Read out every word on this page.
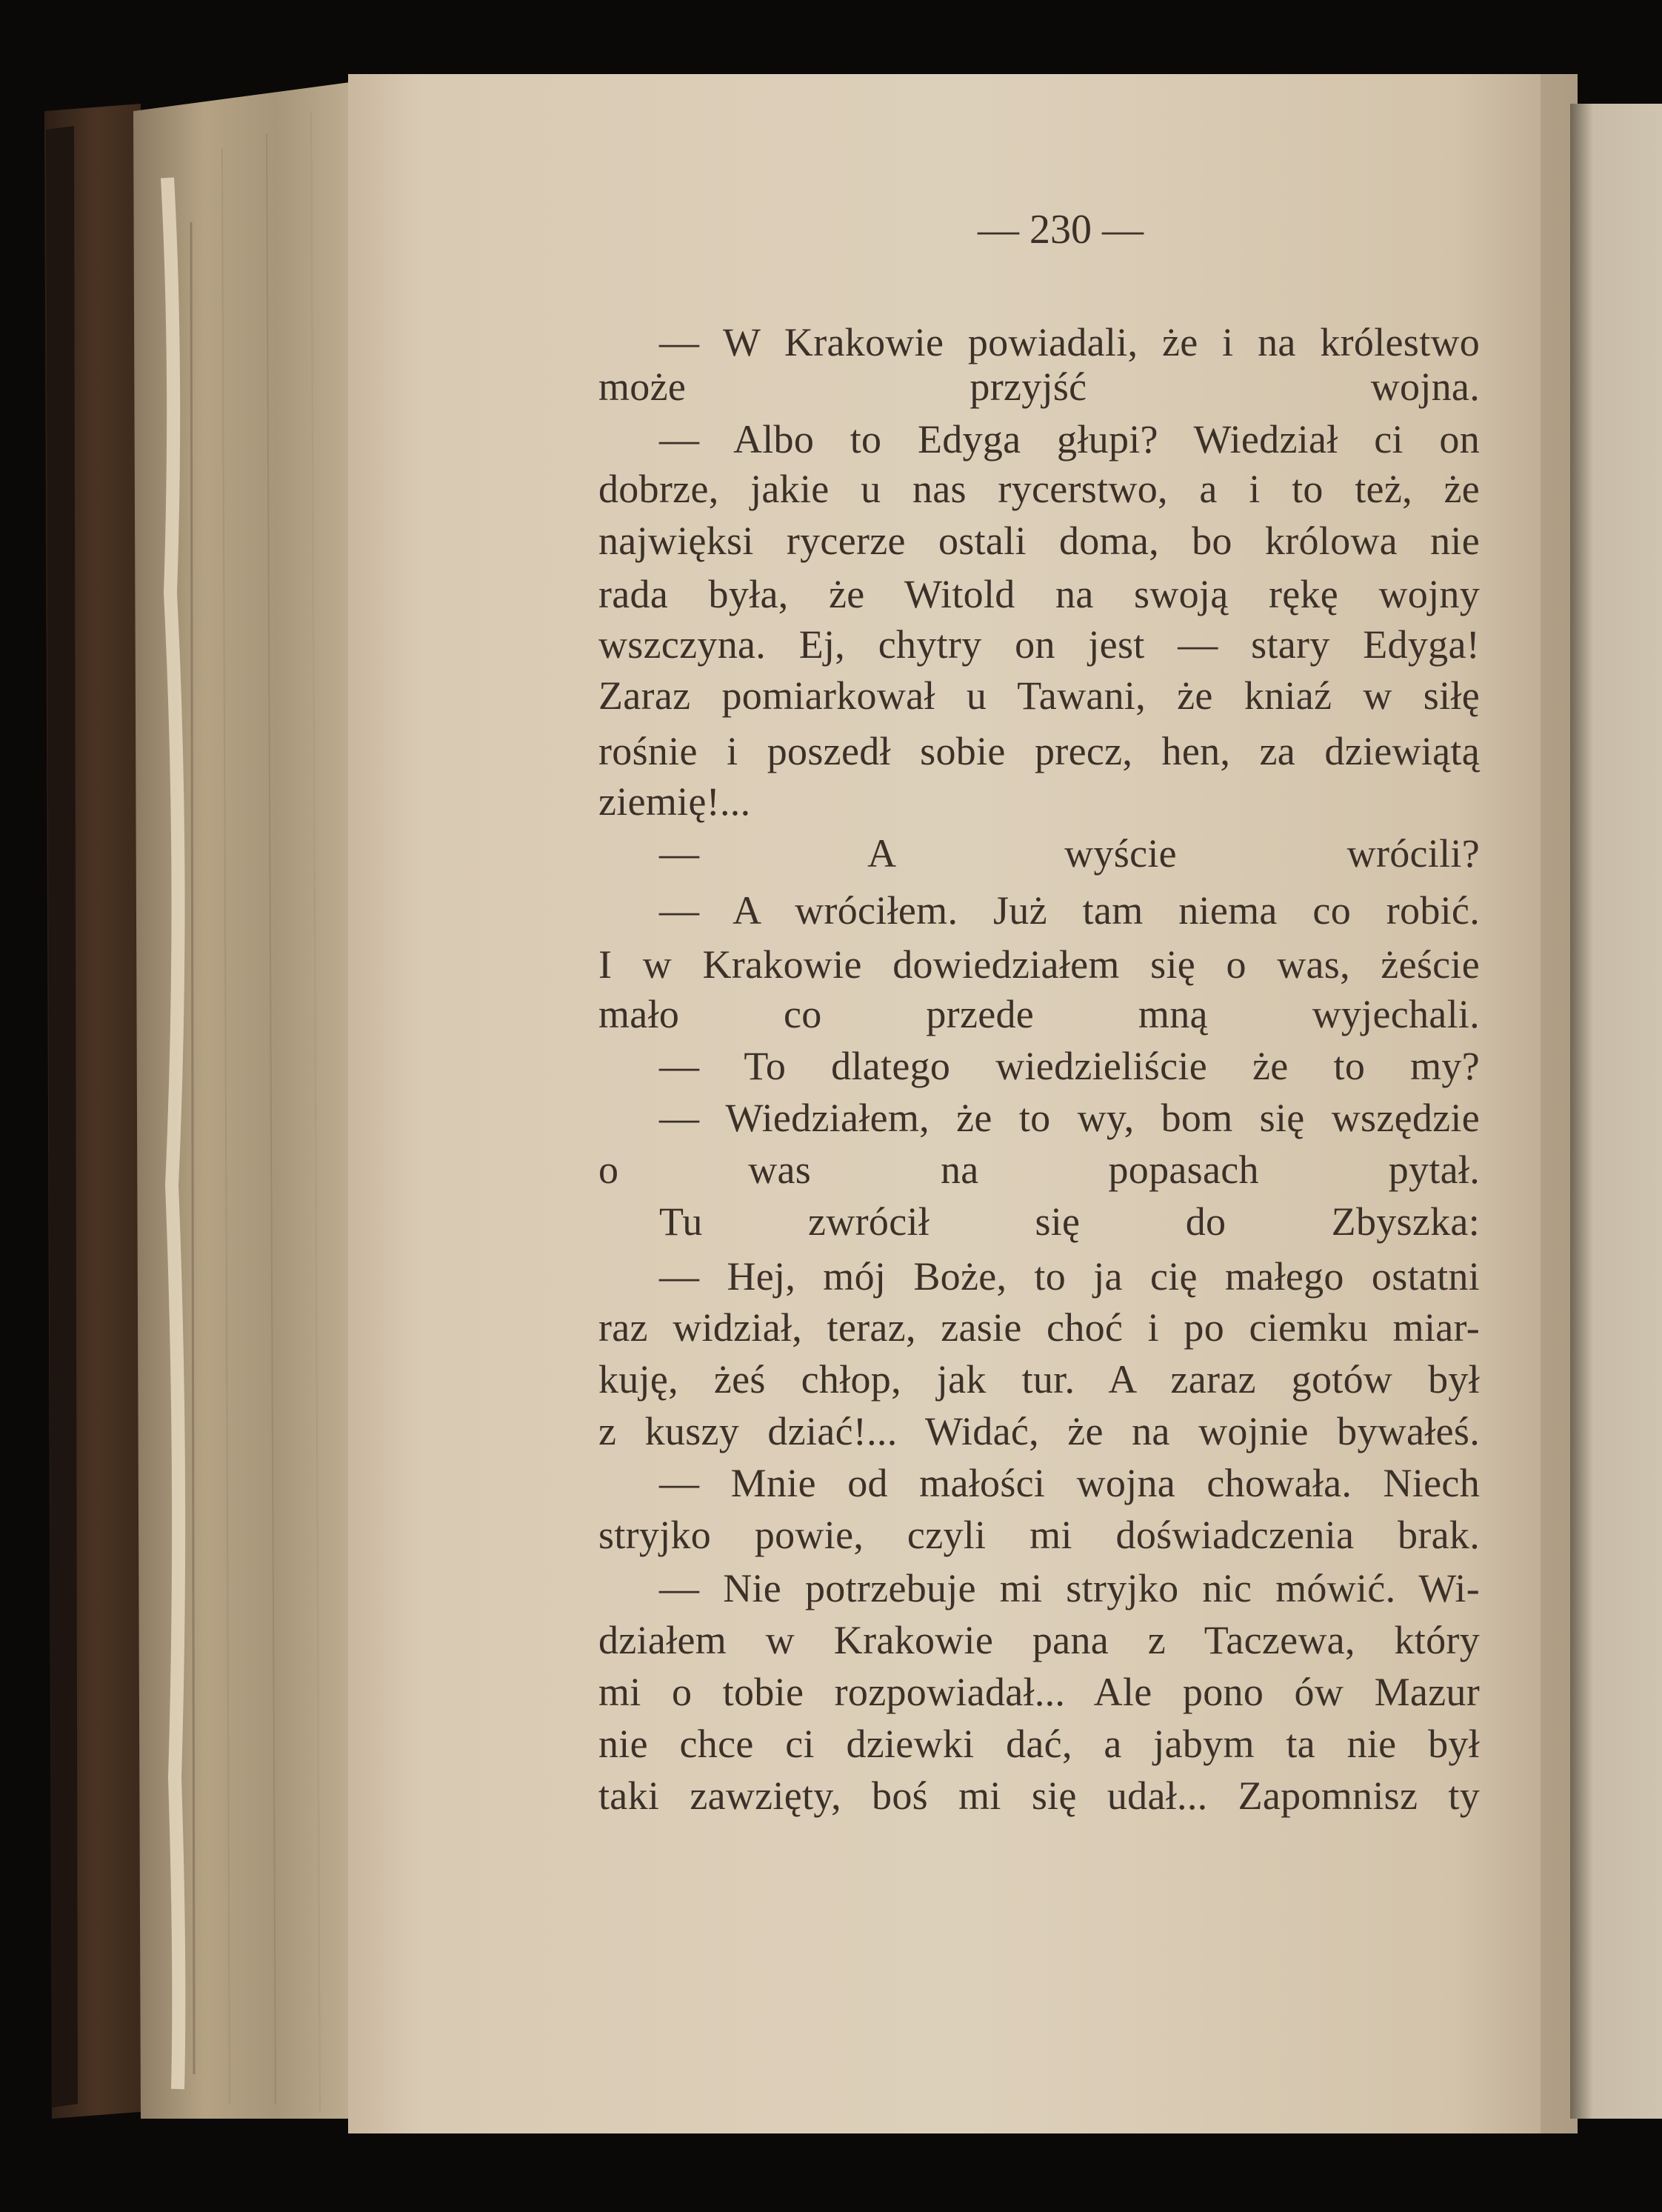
— 230 —
— W Krakowie powiadali, że i na królestwo
może przyjść wojna.
— Albo to Edyga głupi? Wiedział ci on
dobrze, jakie u nas rycerstwo, a i to też, że
najwięksi rycerze ostali doma, bo królowa nie
rada była, że Witold na swoją rękę wojny
wszczyna. Ej, chytry on jest — stary Edyga!
Zaraz pomiarkował u Tawani, że kniaź w siłę
rośnie i poszedł sobie precz, hen, za dziewiątą
ziemię!...
— A wyście wrócili?
— A wróciłem. Już tam niema co robić.
I w Krakowie dowiedziałem się o was, żeście
mało co przede mną wyjechali.
— To dlatego wiedzieliście że to my?
— Wiedziałem, że to wy, bom się wszędzie
o was na popasach pytał.
Tu zwrócił się do Zbyszka:
— Hej, mój Boże, to ja cię małego ostatni
raz widział, teraz, zasie choć i po ciemku miar-
kuję, żeś chłop, jak tur. A zaraz gotów był
z kuszy dziać!... Widać, że na wojnie bywałeś.
— Mnie od małości wojna chowała. Niech
stryjko powie, czyli mi doświadczenia brak.
— Nie potrzebuje mi stryjko nic mówić. Wi-
działem w Krakowie pana z Taczewa, który
mi o tobie rozpowiadał... Ale pono ów Mazur
nie chce ci dziewki dać, a jabym ta nie był
taki zawzięty, boś mi się udał... Zapomnisz ty
